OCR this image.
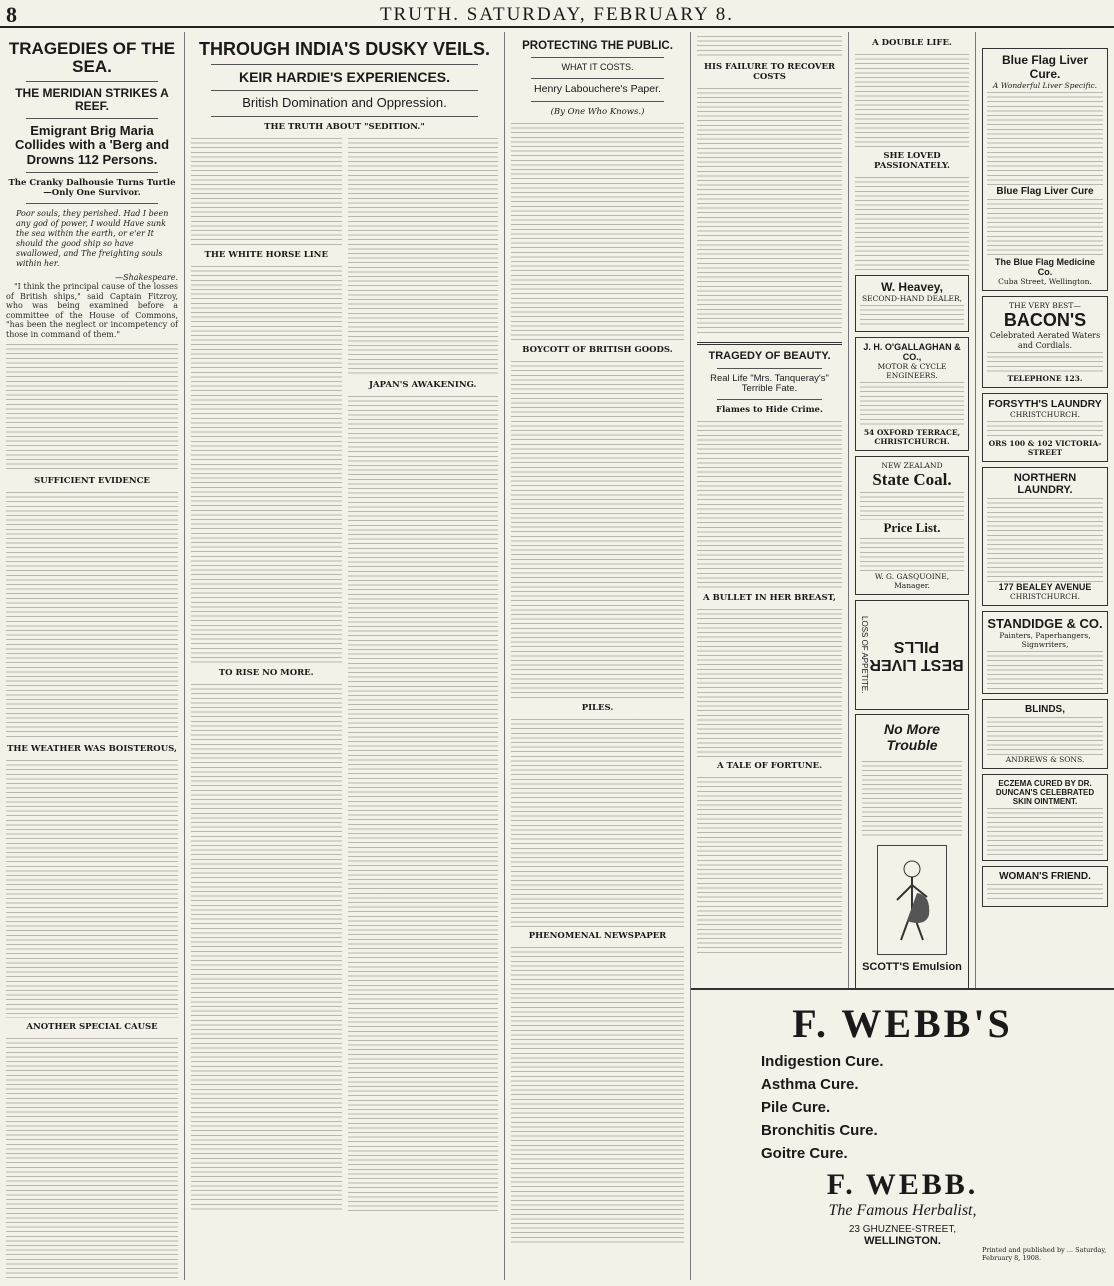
8	TRUTH. SATURDAY, FEBRUARY 8.
TRAGEDIES OF THE SEA.
THE MERIDIAN STRIKES A REEF.
Emigrant Brig Maria Collides with a 'Berg and Drowns 112 Persons.
The Cranky Dalhousie Turns Turtle—Only One Survivor.
Poor souls, they perished. Had I been any god of power, I would Have sunk the sea within the earth, or e'er It should the good ship so have swallowed, and The freighting souls within her.
—Shakespeare.

"I think the principal cause of the losses of British ships," said Captain Fitzroy, who was being examined before a committee of the House of Commons, "has been the neglect or incompetency of those in command of them."

SUFFICIENT EVIDENCE
THE WEATHER WAS BOISTEROUS,
ANOTHER SPECIAL CAUSE
THROUGH INDIA'S DUSKY VEILS.
KEIR HARDIE'S EXPERIENCES.
British Domination and Oppression.
THE TRUTH ABOUT "SEDITION."
THE WHITE HORSE LINE
TO RISE NO MORE.
JAPAN'S AWAKENING.
PROTECTING THE PUBLIC.
WHAT IT COSTS.
Henry Labouchere's Paper.
(By One Who Knows.)
BOYCOTT OF BRITISH GOODS.
PILES.
PHENOMENAL NEWSPAPER
HIS FAILURE TO RECOVER COSTS
TRAGEDY OF BEAUTY.
Real Life "Mrs. Tanqueray's" Terrible Fate.
Flames to Hide Crime.
A BULLET IN HER BREAST,
A TALE OF FORTUNE.
A DOUBLE LIFE.
SHE LOVED PASSIONATELY.
W. Heavey,
SECOND-HAND DEALER,
J. H. O'GALLAGHAN & CO.,
MOTOR & CYCLE ENGINEERS.
54 OXFORD TERRACE, CHRISTCHURCH.
NEW ZEALAND
State Coal.
Price List.
W. G. GASQUOINE, Manager.
LOSS OF APPETITE. BEST LIVER PILLS
No More Trouble
SCOTT'S Emulsion
Blue Flag Liver Cure.
A Wonderful Liver Specific.
Blue Flag Liver Cure
The Blue Flag Medicine Co.
Cuba Street, Wellington.
THE VERY BEST—
BACON'S
Celebrated Aerated Waters and Cordials.
TELEPHONE 123.
FORSYTH'S LAUNDRY
CHRISTCHURCH.
ORS 100 & 102 VICTORIA-STREET
NORTHERN LAUNDRY.
177 BEALEY AVENUE
CHRISTCHURCH.
STANDIDGE & CO.
Painters, Paperhangers, Signwriters,
BLINDS,
ANDREWS & SONS.
ECZEMA CURED BY DR. DUNCAN'S CELEBRATED SKIN OINTMENT.
WOMAN'S FRIEND.
F. WEBB'S
Indigestion Cure.
Asthma Cure.
Pile Cure.
Bronchitis Cure.
Goitre Cure.
F. WEBB.
The Famous Herbalist,
23 GHUZNEE-STREET,
WELLINGTON.
Printed and published by ... Saturday, February 8, 1908.
